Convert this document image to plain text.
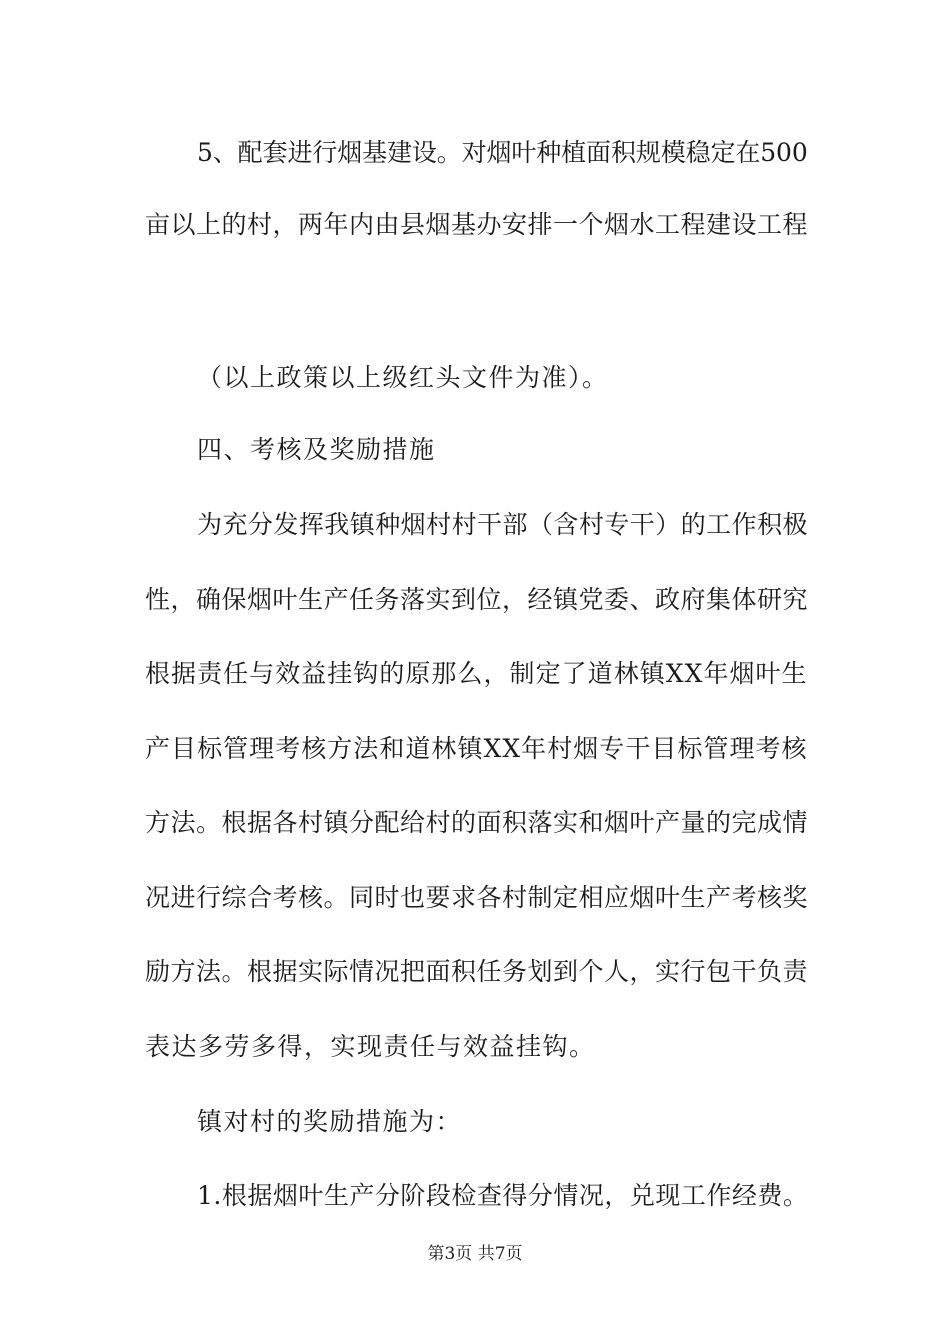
5、配套进行烟基建设。对烟叶种植面积规模稳定在500
亩以上的村，两年内由县烟基办安排一个烟水工程建设工程
（以上政策以上级红头文件为准）。
四、考核及奖励措施
为充分发挥我镇种烟村村干部（含村专干）的工作积极
性，确保烟叶生产任务落实到位，经镇党委、政府集体研究
根据责任与效益挂钩的原那么，制定了道林镇XX年烟叶生
产目标管理考核方法和道林镇XX年村烟专干目标管理考核
方法。根据各村镇分配给村的面积落实和烟叶产量的完成情
况进行综合考核。同时也要求各村制定相应烟叶生产考核奖
励方法。根据实际情况把面积任务划到个人，实行包干负责
表达多劳多得，实现责任与效益挂钩。
镇对村的奖励措施为：
1.根据烟叶生产分阶段检查得分情况，兑现工作经费。
第3页 共7页
